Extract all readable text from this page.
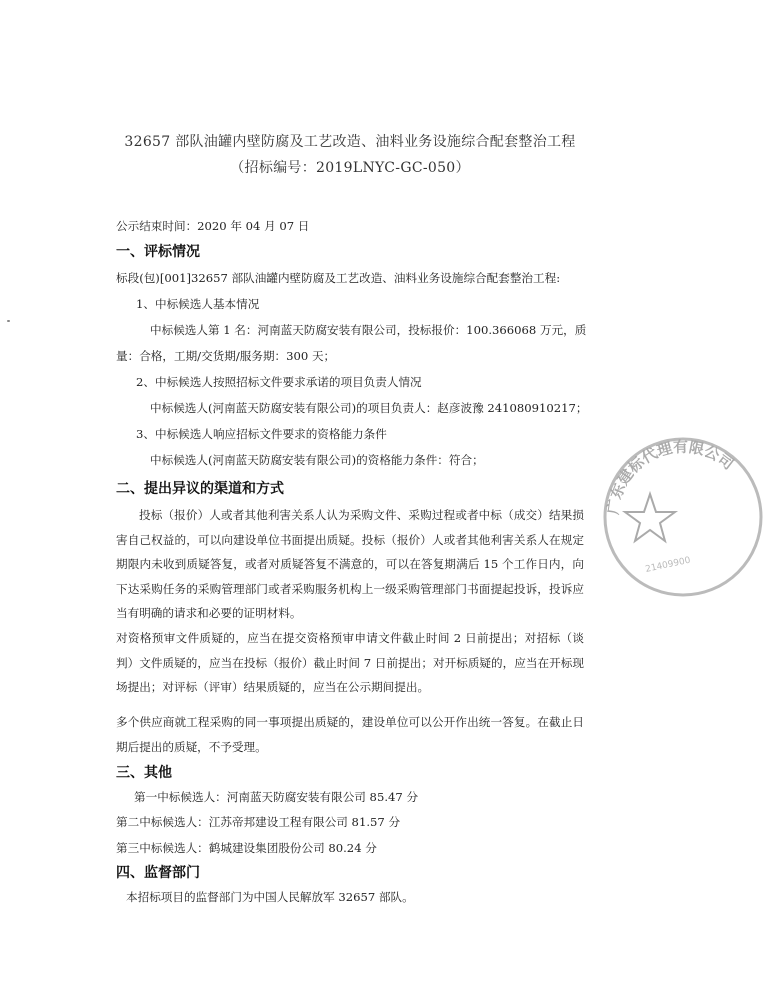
32657 部队油罐内壁防腐及工艺改造、油料业务设施综合配套整治工程
（招标编号：2019LNYC-GC-050）
公示结束时间：2020 年 04 月 07 日
一、评标情况
标段(包)[001]32657 部队油罐内壁防腐及工艺改造、油料业务设施综合配套整治工程:
1、中标候选人基本情况
中标候选人第 1 名：河南蓝天防腐安装有限公司，投标报价：100.366068 万元，质
量：合格，工期/交货期/服务期：300 天；
2、中标候选人按照招标文件要求承诺的项目负责人情况
中标候选人(河南蓝天防腐安装有限公司)的项目负责人：赵彦波豫 241080910217；
3、中标候选人响应招标文件要求的资格能力条件
中标候选人(河南蓝天防腐安装有限公司)的资格能力条件：符合；
二、提出异议的渠道和方式
投标（报价）人或者其他利害关系人认为采购文件、采购过程或者中标（成交）结果损害自己权益的，可以向建设单位书面提出质疑。投标（报价）人或者其他利害关系人在规定期限内未收到质疑答复，或者对质疑答复不满意的，可以在答复期满后 15 个工作日内，向下达采购任务的采购管理部门或者采购服务机构上一级采购管理部门书面提起投诉，投诉应当有明确的请求和必要的证明材料。
对资格预审文件质疑的，应当在提交资格预审申请文件截止时间 2 日前提出；对招标（谈判）文件质疑的，应当在投标（报价）截止时间 7 日前提出；对开标质疑的，应当在开标现场提出；对评标（评审）结果质疑的，应当在公示期间提出。
多个供应商就工程采购的同一事项提出质疑的，建设单位可以公开作出统一答复。在截止日期后提出的质疑，不予受理。
三、其他
第一中标候选人：河南蓝天防腐安装有限公司 85.47 分
第二中标候选人：江苏帝邦建设工程有限公司 81.57 分
第三中标候选人：鹤城建设集团股份公司 80.24 分
四、监督部门
本招标项目的监督部门为中国人民解放军 32657 部队。
广东建标代理有限公司
21409900
